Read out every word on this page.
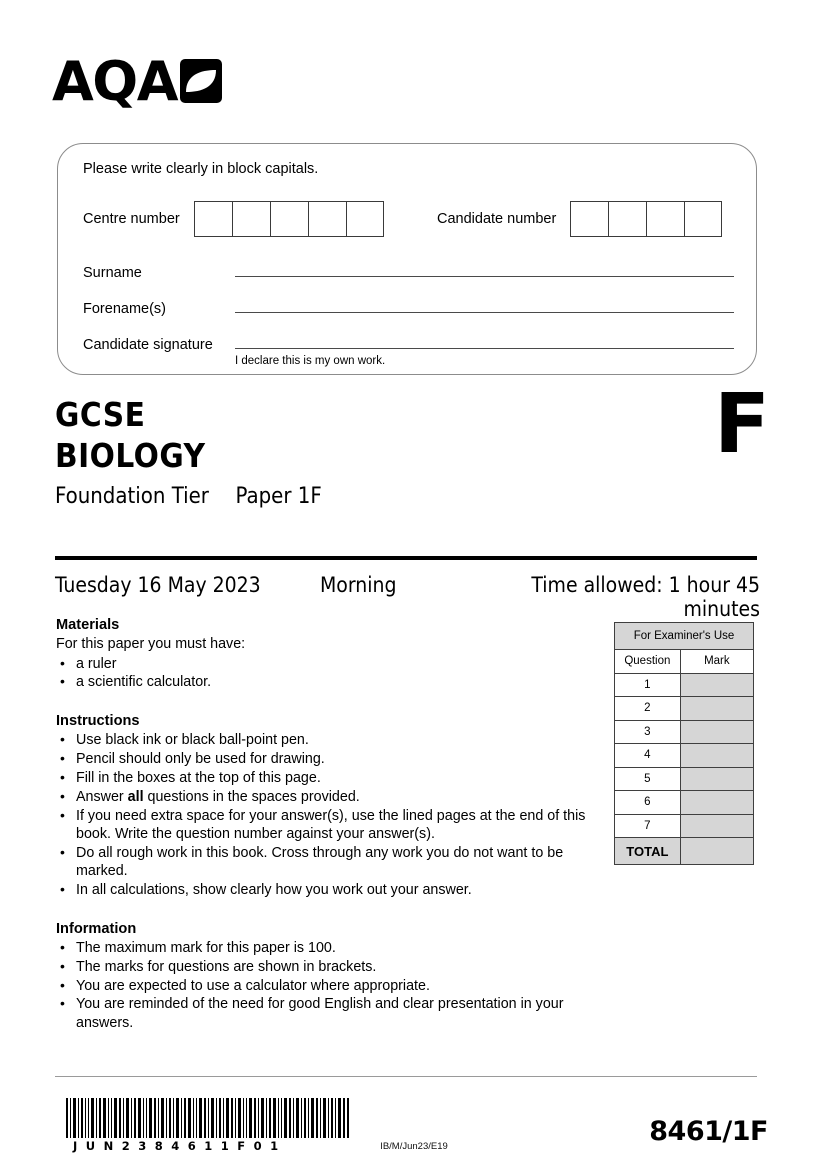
AQA
Please write clearly in block capitals.
Centre number	Candidate number
Surname
Forename(s)
Candidate signature
I declare this is my own work.
GCSE
BIOLOGY
Foundation Tier Paper 1F
F
Tuesday 16 May 2023	Morning	Time allowed: 1 hour 45 minutes
Materials
For this paper you must have:
• a ruler
• a scientific calculator.
Instructions
• Use black ink or black ball-point pen.
• Pencil should only be used for drawing.
• Fill in the boxes at the top of this page.
• Answer all questions in the spaces provided.
• If you need extra space for your answer(s), use the lined pages at the end of this book. Write the question number against your answer(s).
• Do all rough work in this book. Cross through any work you do not want to be marked.
• In all calculations, show clearly how you work out your answer.
Information
• The maximum mark for this paper is 100.
• The marks for questions are shown in brackets.
• You are expected to use a calculator where appropriate.
• You are reminded of the need for good English and clear presentation in your answers.
For Examiner's Use	
Question	Mark
1	
2	
3	
4	
5	
6	
7	
TOTAL	
JUN2384611F01	IB/M/Jun23/E19	8461/1F
